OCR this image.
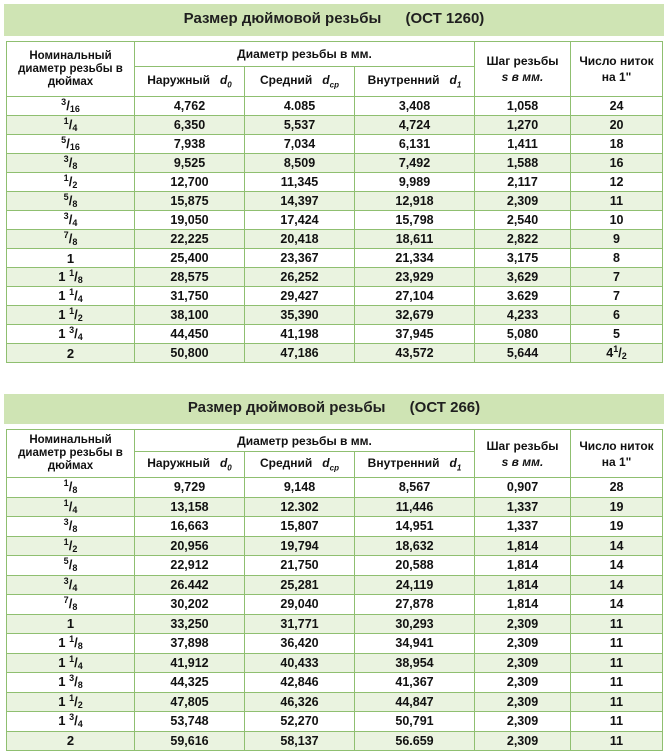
Размер дюймовой резьбы (ОСТ 1260)
Номинальный диаметр резьбы в дюймах	Диаметр резьбы в мм.			Шаг резьбы
s в мм.	Число ниток на 1"
	Наружный $d_0$	Средний $d_{cp}$	Внутренний $d_1$
$^3/_{16}$	4,762	4.085	3,408	1,058	24
$^1/_4$	6,350	5,537	4,724	1,270	20
$^5/_{16}$	7,938	7,034	6,131	1,411	18
$^3/_8$	9,525	8,509	7,492	1,588	16
$^1/_2$	12,700	11,345	9,989	2,117	12
$^5/_8$	15,875	14,397	12,918	2,309	11
$^3/_4$	19,050	17,424	15,798	2,540	10
$^7/_8$	22,225	20,418	18,611	2,822	9
1	25,400	23,367	21,334	3,175	8
1 $^1/_8$	28,575	26,252	23,929	3,629	7
1 $^1/_4$	31,750	29,427	27,104	3.629	7
1 $^1/_2$	38,100	35,390	32,679	4,233	6
1 $^3/_4$	44,450	41,198	37,945	5,080	5
2	50,800	47,186	43,572	5,644	$4^1/_2$
Размер дюймовой резьбы (ОСТ 266)
Номинальный диаметр резьбы в дюймах	Диаметр резьбы в мм.			Шаг резьбы
s в мм.	Число ниток на 1"
	Наружный $d_0$	Средний $d_{cp}$	Внутренний $d_1$
$^1/_8$	9,729	9,148	8,567	0,907	28
$^1/_4$	13,158	12.302	11,446	1,337	19
$^3/_8$	16,663	15,807	14,951	1,337	19
$^1/_2$	20,956	19,794	18,632	1,814	14
$^5/_8$	22,912	21,750	20,588	1,814	14
$^3/_4$	26.442	25,281	24,119	1,814	14
$^7/_8$	30,202	29,040	27,878	1,814	14
1	33,250	31,771	30,293	2,309	11
1 $^1/_8$	37,898	36,420	34,941	2,309	11
1 $^1/_4$	41,912	40,433	38,954	2,309	11
1 $^3/_8$	44,325	42,846	41,367	2,309	11
1 $^1/_2$	47,805	46,326	44,847	2,309	11
1 $^3/_4$	53,748	52,270	50,791	2,309	11
2	59,616	58,137	56.659	2,309	11
